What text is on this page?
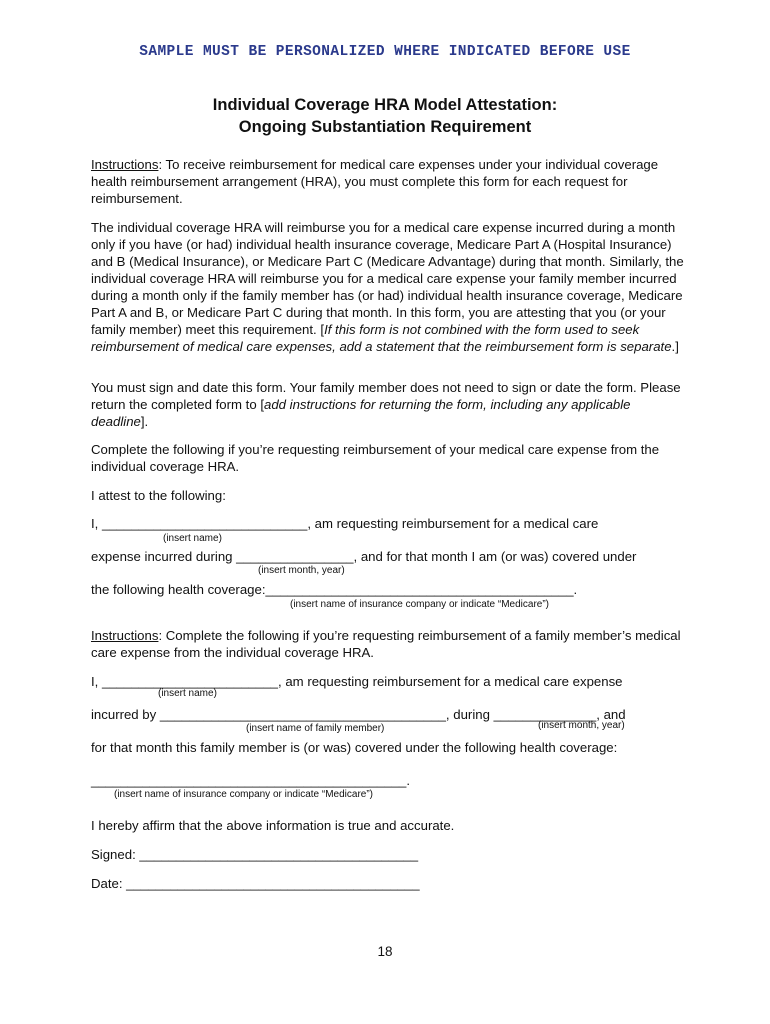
SAMPLE MUST BE PERSONALIZED WHERE INDICATED BEFORE USE
Individual Coverage HRA Model Attestation:
Ongoing Substantiation Requirement

Instructions: To receive reimbursement for medical care expenses under your individual coverage health reimbursement arrangement (HRA), you must complete this form for each request for reimbursement.

The individual coverage HRA will reimburse you for a medical care expense incurred during a month only if you have (or had) individual health insurance coverage, Medicare Part A (Hospital Insurance) and B (Medical Insurance), or Medicare Part C (Medicare Advantage) during that month. Similarly, the individual coverage HRA will reimburse you for a medical care expense your family member incurred during a month only if the family member has (or had) individual health insurance coverage, Medicare Part A and B, or Medicare Part C during that month. In this form, you are attesting that you (or your family member) meet this requirement. [If this form is not combined with the form used to seek reimbursement of medical care expenses, add a statement that the reimbursement form is separate.]

You must sign and date this form. Your family member does not need to sign or date the form. Please return the completed form to [add instructions for returning the form, including any applicable deadline].

Complete the following if you’re requesting reimbursement of your medical care expense from the individual coverage HRA.

I attest to the following:
I, ____________________________, am requesting reimbursement for a medical care
(insert name)
expense incurred during ________________, and for that month I am (or was) covered under
(insert month, year)
the following health coverage:__________________________________________.
(insert name of insurance company or indicate “Medicare”)

Instructions: Complete the following if you’re requesting reimbursement of a family member’s medical care expense from the individual coverage HRA.

I, ________________________, am requesting reimbursement for a medical care expense
(insert name)
incurred by _______________________________________, during ______________, and
(insert name of family member)	(insert month, year)
for that month this family member is (or was) covered under the following health coverage:
___________________________________________.
(insert name of insurance company or indicate “Medicare”)
I hereby affirm that the above information is true and accurate.
Signed: ______________________________________
Date: ________________________________________
18
